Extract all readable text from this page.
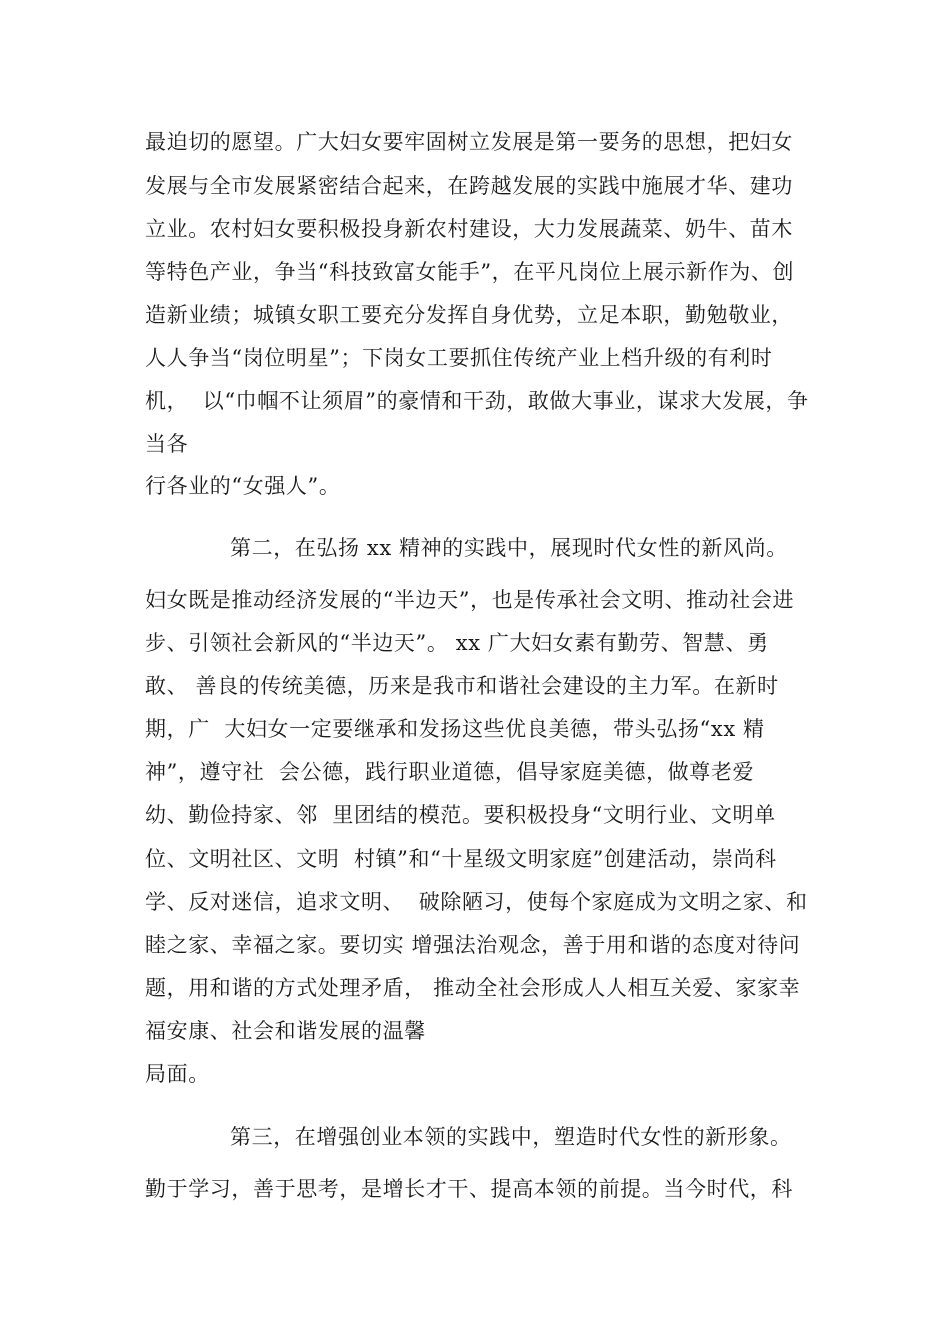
最迫切的愿望。广大妇女要牢固树立发展是第一要务的思想，把妇女

发展与全市发展紧密结合起来，在跨越发展的实践中施展才华、建功

立业。农村妇女要积极投身新农村建设，大力发展蔬菜、奶牛、苗木

等特色产业，争当“科技致富女能手”，在平凡岗位上展示新作为、创

造新业绩；城镇女职工要充分发挥自身优势，立足本职，勤勉敬业，

人人争当“岗位明星”；下岗女工要抓住传统产业上档升级的有利时

机，  以“巾帼不让须眉”的豪情和干劲，敢做大事业，谋求大发展，争

当各

行各业的“女强人”。

第二，在弘扬 xx 精神的实践中，展现时代女性的新风尚。

妇女既是推动经济发展的“半边天”，也是传承社会文明、推动社会进

步、引领社会新风的“半边天”。 xx 广大妇女素有勤劳、智慧、勇

敢、 善良的传统美德，历来是我市和谐社会建设的主力军。在新时

期，广  大妇女一定要继承和发扬这些优良美德，带头弘扬“xx 精

神”，遵守社  会公德，践行职业道德，倡导家庭美德，做尊老爱

幼、勤俭持家、邻  里团结的模范。要积极投身“文明行业、文明单

位、文明社区、文明  村镇”和“十星级文明家庭”创建活动，崇尚科

学、反对迷信，追求文明、  破除陋习，使每个家庭成为文明之家、和

睦之家、幸福之家。要切实 增强法治观念，善于用和谐的态度对待问

题，用和谐的方式处理矛盾， 推动全社会形成人人相互关爱、家家幸

福安康、社会和谐发展的温馨

局面。

第三，在增强创业本领的实践中，塑造时代女性的新形象。

勤于学习，善于思考，是增长才干、提高本领的前提。当今时代，科
